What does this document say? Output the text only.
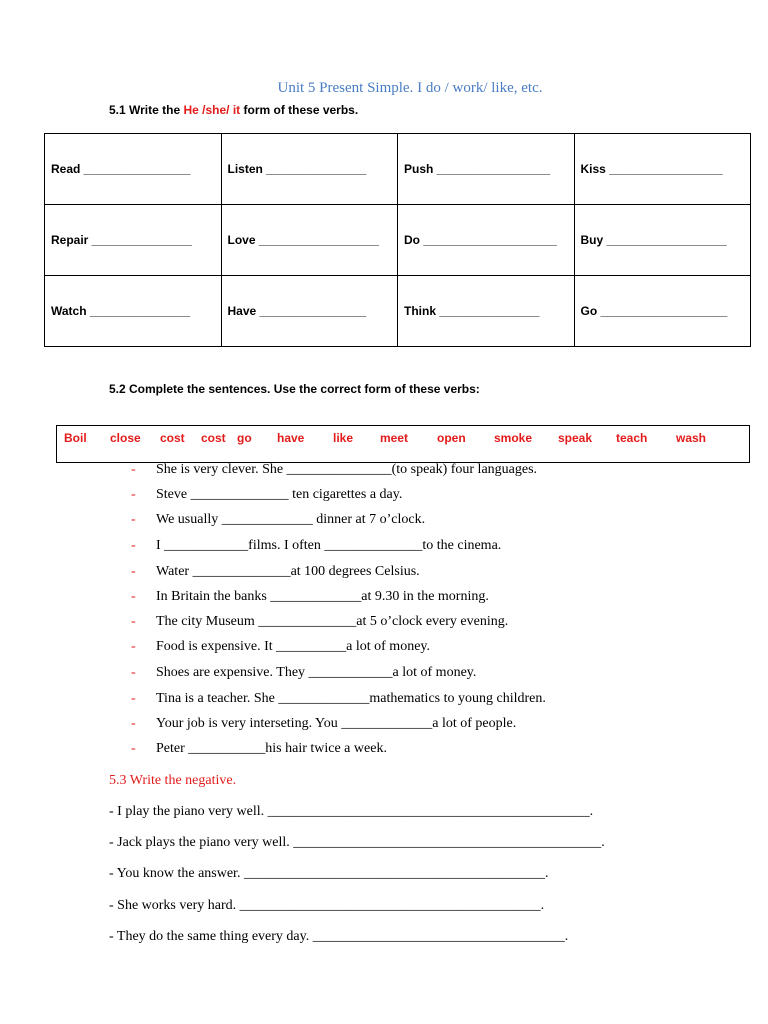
Unit 5 Present Simple. I do / work/ like, etc.
5.1 Write the He /she/ it form of these verbs.
Read ________________	Listen _______________	Push _________________	Kiss _________________
Repair _______________	Love __________________	Do ____________________	Buy __________________
Watch _______________	Have ________________	Think _______________	Go ___________________
5.2 Complete the sentences. Use the correct form of these verbs:
Boil close cost cost go have like meet open smoke speak teach wash
- She is very clever. She _______________(to speak) four languages.
- Steve ______________ ten cigarettes a day.
- We usually _____________ dinner at 7 o’clock.
- I ____________films. I often ______________to the cinema.
- Water ______________at 100 degrees Celsius.
- In Britain the banks _____________at 9.30 in the morning.
- The city Museum ______________at 5 o’clock every evening.
- Food is expensive. It __________a lot of money.
- Shoes are expensive. They ____________a lot of money.
- Tina is a teacher. She _____________mathematics to young children.
- Your job is very interseting. You _____________a lot of people.
- Peter ___________his hair twice a week.
5.3 Write the negative.
- I play the piano very well. ______________________________________________.
- Jack plays the piano very well. ____________________________________________.
- You know the answer. ___________________________________________.
- She works very hard. ___________________________________________.
- They do the same thing every day. ____________________________________.
